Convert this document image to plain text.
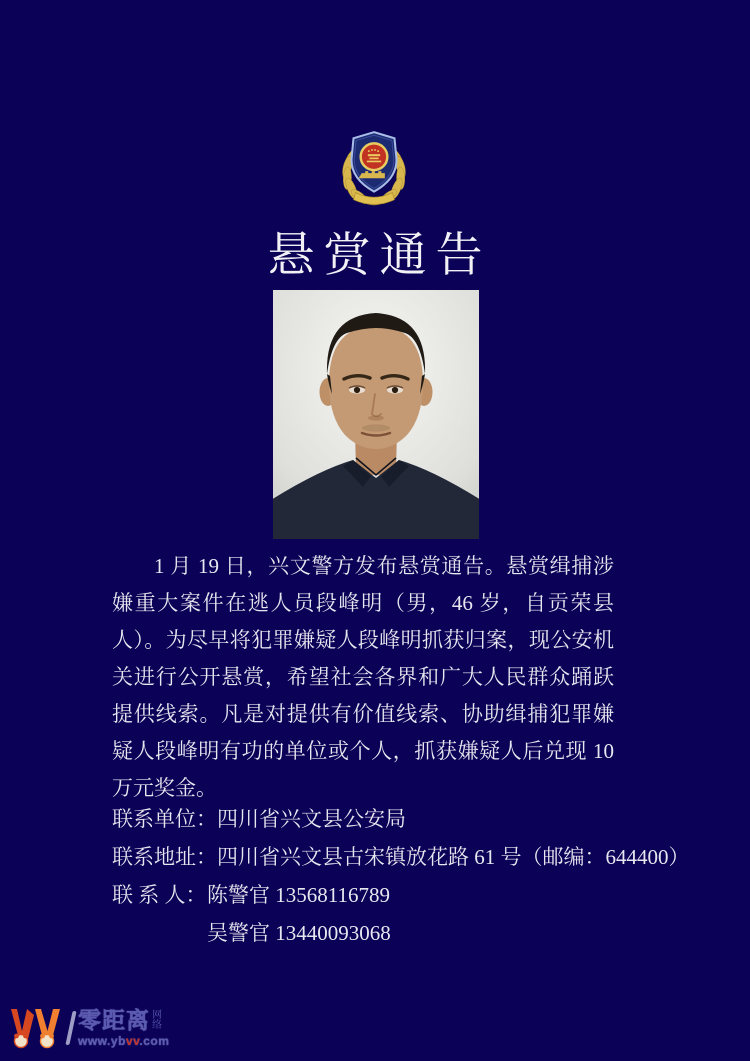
悬赏通告

1 月 19 日，兴文警方发布悬赏通告。悬赏缉捕涉嫌重大案件在逃人员段峰明（男，46 岁，自贡荣县人）。为尽早将犯罪嫌疑人段峰明抓获归案，现公安机关进行公开悬赏，希望社会各界和广大人民群众踊跃提供线索。凡是对提供有价值线索、协助缉捕犯罪嫌疑人段峰明有功的单位或个人，抓获嫌疑人后兑现 10 万元奖金。

联系单位：四川省兴文县公安局
联系地址：四川省兴文县古宋镇放花路 61 号（邮编：644400）
联 系 人：陈警官 13568116789
吴警官 13440093068
零距离 网络
www.ybvv.com
